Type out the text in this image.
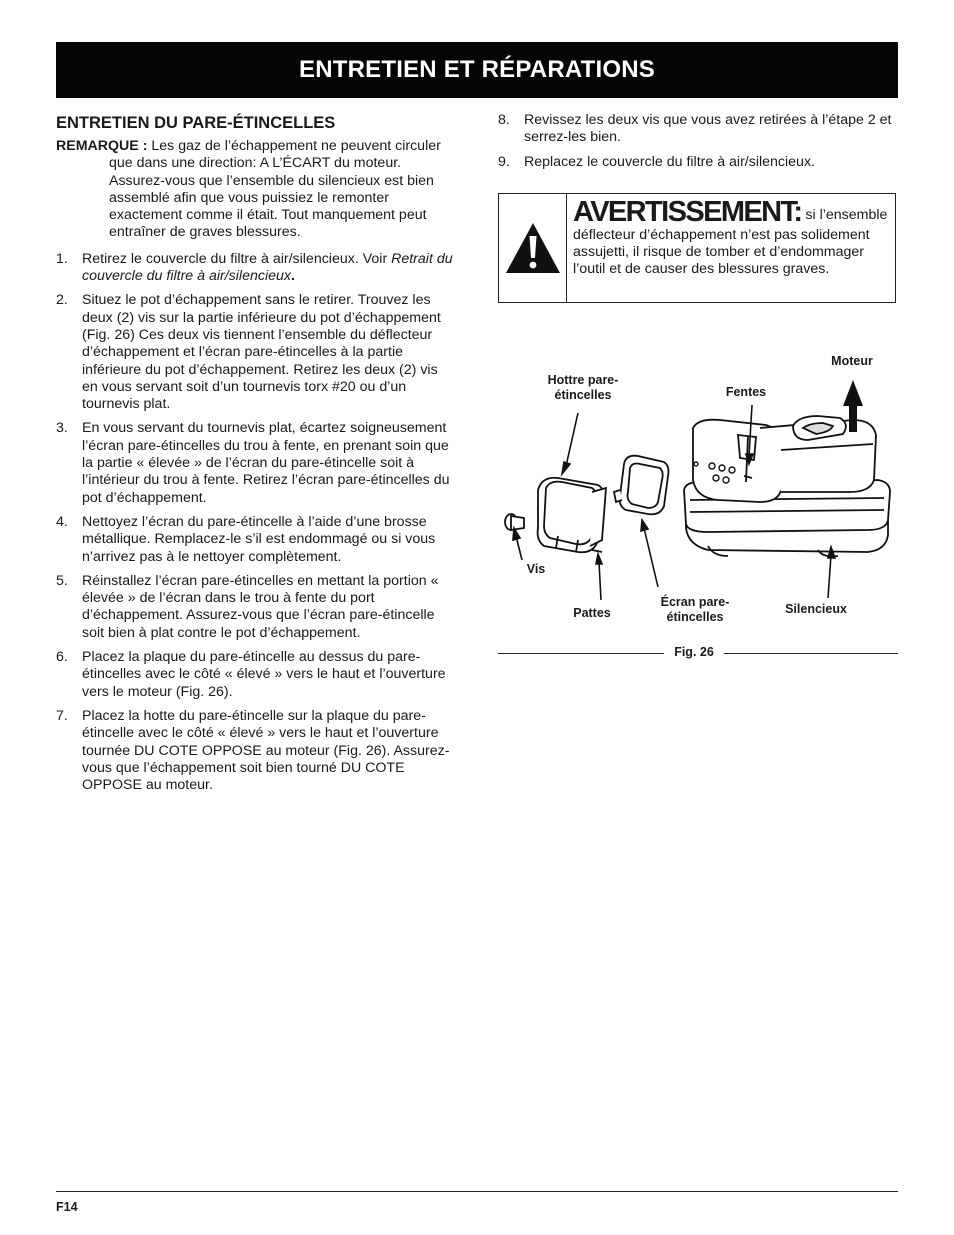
ENTRETIEN ET RÉPARATIONS
ENTRETIEN DU PARE-ÉTINCELLES

REMARQUE : Les gaz de l’échappement ne peuvent circuler que dans une direction: A L’ÉCART du moteur. Assurez-vous que l’ensemble du silencieux est bien assemblé afin que vous puissiez le remonter exactement comme il était. Tout manquement peut entraîner de graves blessures.

1. Retirez le couvercle du filtre à air/silencieux. Voir Retrait du couvercle du filtre à air/silencieux.
2. Situez le pot d’échappement sans le retirer. Trouvez les deux (2) vis sur la partie inférieure du pot d’échappement (Fig. 26) Ces deux vis tiennent l’ensemble du déflecteur d’échappement et l’écran pare-étincelles à la partie inférieure du pot d’échappement. Retirez les deux (2) vis en vous servant soit d’un tournevis torx #20 ou d’un tournevis plat.
3. En vous servant du tournevis plat, écartez soigneusement l’écran pare-étincelles du trou à fente, en prenant soin que la partie « élevée » de l’écran du pare-étincelle soit à l’intérieur du trou à fente. Retirez l’écran pare-étincelles du pot d’échappement.
4. Nettoyez l’écran du pare-étincelle à l’aide d’une brosse métallique. Remplacez-le s’il est endommagé ou si vous n’arrivez pas à le nettoyer complètement.
5. Réinstallez l’écran pare-étincelles en mettant la portion « élevée » de l’écran dans le trou à fente du port d’échappement. Assurez-vous que l’écran pare-étincelle soit bien à plat contre le pot d’échappement.
6. Placez la plaque du pare-étincelle au dessus du pare-étincelles avec le côté « élevé » vers le haut et l’ouverture vers le moteur (Fig. 26).
7. Placez la hotte du pare-étincelle sur la plaque du pare-étincelle avec le côté « élevé » vers le haut et l’ouverture tournée DU COTE OPPOSE au moteur (Fig. 26). Assurez-vous que l’échappement soit bien tourné DU COTE OPPOSE au moteur.
8. Revissez les deux vis que vous avez retirées à l’étape 2 et serrez-les bien.
9. Replacez le couvercle du filtre à air/silencieux.
AVERTISSEMENT: si l’ensemble déflecteur d’échappement n’est pas solidement assujetti, il risque de tomber et d’endommager l’outil et de causer des blessures graves.
Moteur
Hottre pare-étincelles	Fentes
Vis
Pattes
Écran pare-étincelles
Silencieux
Fig. 26
F14
